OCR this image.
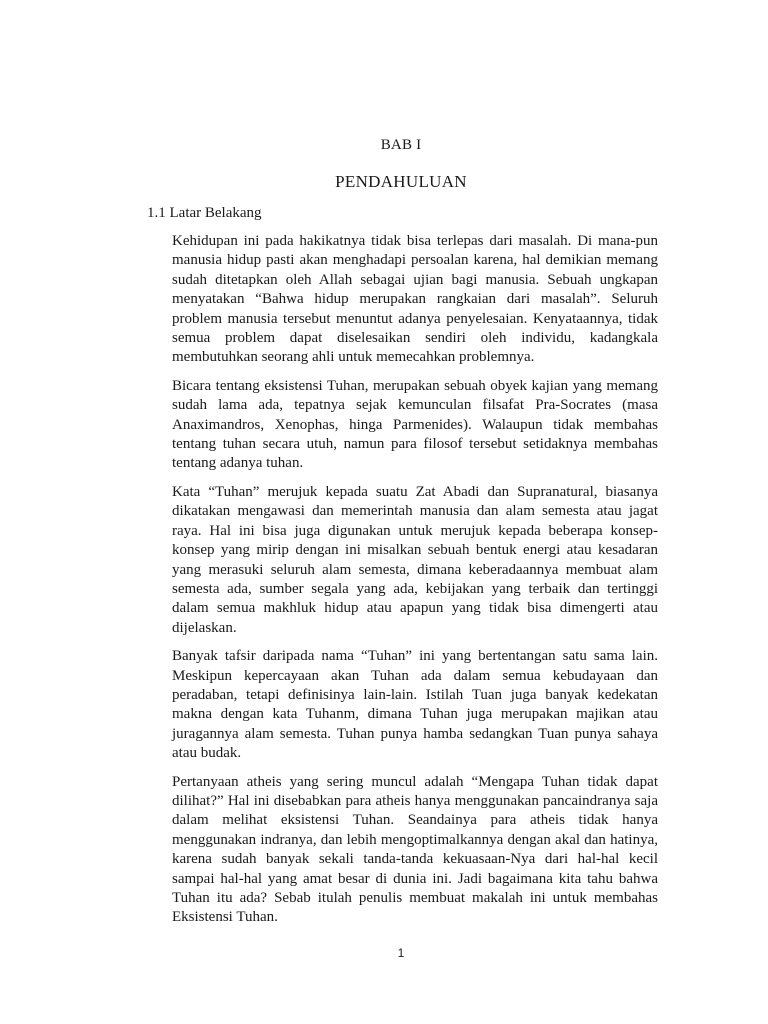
BAB I
PENDAHULUAN
1.1 Latar Belakang

Kehidupan ini pada hakikatnya tidak bisa terlepas dari masalah. Di mana-pun manusia hidup pasti akan menghadapi persoalan karena, hal demikian memang sudah ditetapkan oleh Allah sebagai ujian bagi manusia. Sebuah ungkapan menyatakan “Bahwa hidup merupakan rangkaian dari masalah”. Seluruh problem manusia tersebut menuntut adanya penyelesaian. Kenyataannya, tidak semua problem dapat diselesaikan sendiri oleh individu, kadangkala membutuhkan seorang ahli untuk memecahkan problemnya.

Bicara tentang eksistensi Tuhan, merupakan sebuah obyek kajian yang memang sudah lama ada, tepatnya sejak kemunculan filsafat Pra-Socrates (masa Anaximandros, Xenophas, hinga Parmenides). Walaupun tidak membahas tentang tuhan secara utuh, namun para filosof tersebut setidaknya membahas tentang adanya tuhan.

Kata “Tuhan” merujuk kepada suatu Zat Abadi dan Supranatural, biasanya dikatakan mengawasi dan memerintah manusia dan alam semesta atau jagat raya. Hal ini bisa juga digunakan untuk merujuk kepada beberapa konsep-konsep yang mirip dengan ini misalkan sebuah bentuk energi atau kesadaran yang merasuki seluruh alam semesta, dimana keberadaannya membuat alam semesta ada, sumber segala yang ada, kebijakan yang terbaik dan tertinggi dalam semua makhluk hidup atau apapun yang tidak bisa dimengerti atau dijelaskan.

Banyak tafsir daripada nama “Tuhan” ini yang bertentangan satu sama lain. Meskipun kepercayaan akan Tuhan ada dalam semua kebudayaan dan peradaban, tetapi definisinya lain-lain. Istilah Tuan juga banyak kedekatan makna dengan kata Tuhanm, dimana Tuhan juga merupakan majikan atau juragannya alam semesta. Tuhan punya hamba sedangkan Tuan punya sahaya atau budak.

Pertanyaan atheis yang sering muncul adalah “Mengapa Tuhan tidak dapat dilihat?” Hal ini disebabkan para atheis hanya menggunakan pancaindranya saja dalam melihat eksistensi Tuhan. Seandainya para atheis tidak hanya menggunakan indranya, dan lebih mengoptimalkannya dengan akal dan hatinya, karena sudah banyak sekali tanda-tanda kekuasaan-Nya dari hal-hal kecil sampai hal-hal yang amat besar di dunia ini. Jadi bagaimana kita tahu bahwa Tuhan itu ada? Sebab itulah penulis membuat makalah ini untuk membahas Eksistensi Tuhan.

1
